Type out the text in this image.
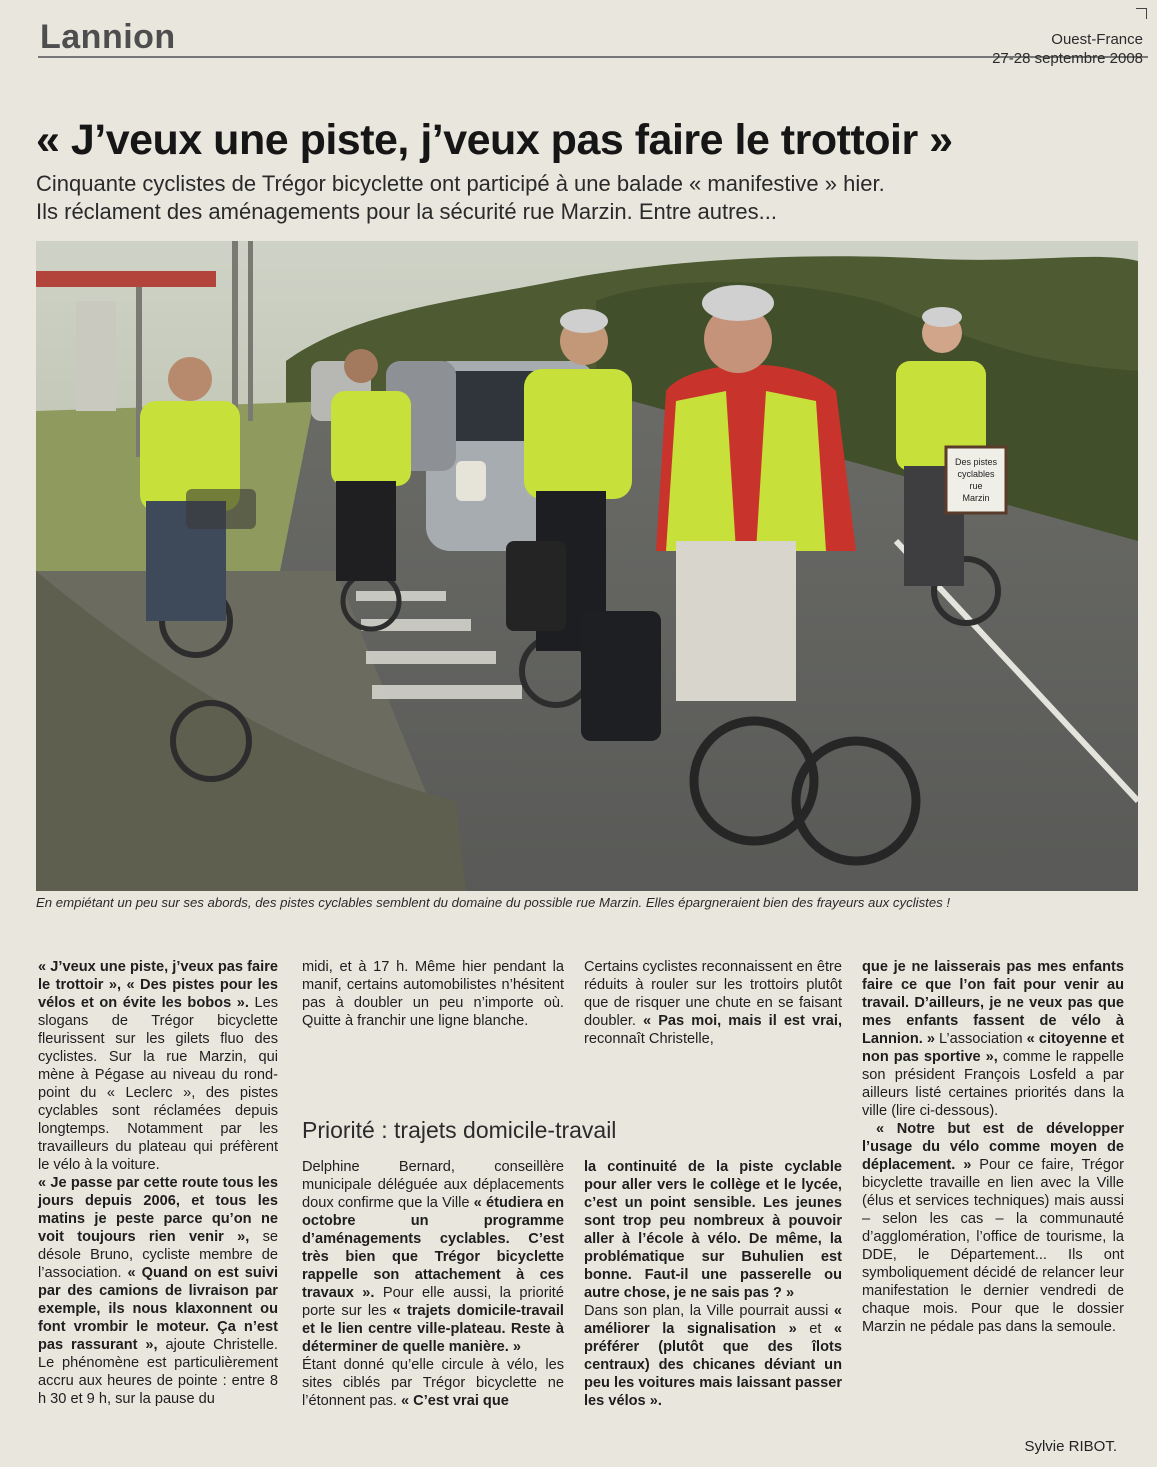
Lannion	Ouest-France
27-28 septembre 2008
« J’veux une piste, j’veux pas faire le trottoir »
Cinquante cyclistes de Trégor bicyclette ont participé à une balade « manifestive » hier.
Ils réclament des aménagements pour la sécurité rue Marzin. Entre autres...
Des pistes
cyclables
rue
Marzin
En empiétant un peu sur ses abords, des pistes cyclables semblent du domaine du possible rue Marzin. Elles épargneraient bien des frayeurs aux cyclistes !

« J’veux une piste, j’veux pas faire le trottoir », « Des pistes pour les vélos et on évite les bobos ». Les slogans de Trégor bicyclette fleurissent sur les gilets fluo des cyclistes. Sur la rue Marzin, qui mène à Pégase au niveau du rond-point du « Leclerc », des pistes cyclables sont réclamées depuis longtemps. Notamment par les travailleurs du plateau qui préfèrent le vélo à la voiture.

« Je passe par cette route tous les jours depuis 2006, et tous les matins je peste parce qu’on ne voit toujours rien venir », se désole Bruno, cycliste membre de l’association. « Quand on est suivi par des camions de livraison par exemple, ils nous klaxonnent ou font vrombir le moteur. Ça n’est pas rassurant », ajoute Christelle. Le phénomène est particulièrement accru aux heures de pointe : entre 8 h 30 et 9 h, sur la pause du

midi, et à 17 h. Même hier pendant la manif, certains automobilistes n’hésitent pas à doubler un peu n’importe où. Quitte à franchir une ligne blanche.

Certains cyclistes reconnaissent en être réduits à rouler sur les trottoirs plutôt que de risquer une chute en se faisant doubler. « Pas moi, mais il est vrai, reconnaît Christelle,

que je ne laisserais pas mes enfants faire ce que l’on fait pour venir au travail. D’ailleurs, je ne veux pas que mes enfants fassent de vélo à Lannion. » L’association « citoyenne et non pas sportive », comme le rappelle son président François Losfeld a par ailleurs listé certaines priorités dans la ville (lire ci-dessous).

« Notre but est de développer l’usage du vélo comme moyen de déplacement. » Pour ce faire, Trégor bicyclette travaille en lien avec la Ville (élus et services techniques) mais aussi – selon les cas – la communauté d’agglomération, l’office de tourisme, la DDE, le Département... Ils ont symboliquement décidé de relancer leur manifestation le dernier vendredi de chaque mois. Pour que le dossier Marzin ne pédale pas dans la semoule.

Priorité : trajets domicile-travail

Delphine Bernard, conseillère municipale déléguée aux déplacements doux confirme que la Ville « étudiera en octobre un programme d’aménagements cyclables. C’est très bien que Trégor bicyclette rappelle son attachement à ces travaux ». Pour elle aussi, la priorité porte sur les « trajets domicile-travail et le lien centre ville-plateau. Reste à déterminer de quelle manière. »

Étant donné qu’elle circule à vélo, les sites ciblés par Trégor bicyclette ne l’étonnent pas. « C’est vrai que

la continuité de la piste cyclable pour aller vers le collège et le lycée, c’est un point sensible. Les jeunes sont trop peu nombreux à pouvoir aller à l’école à vélo. De même, la problématique sur Buhulien est bonne. Faut-il une passerelle ou autre chose, je ne sais pas ? »

Dans son plan, la Ville pourrait aussi « améliorer la signalisation » et « préférer (plutôt que des îlots centraux) des chicanes déviant un peu les voitures mais laissant passer les vélos ».

Sylvie RIBOT.
